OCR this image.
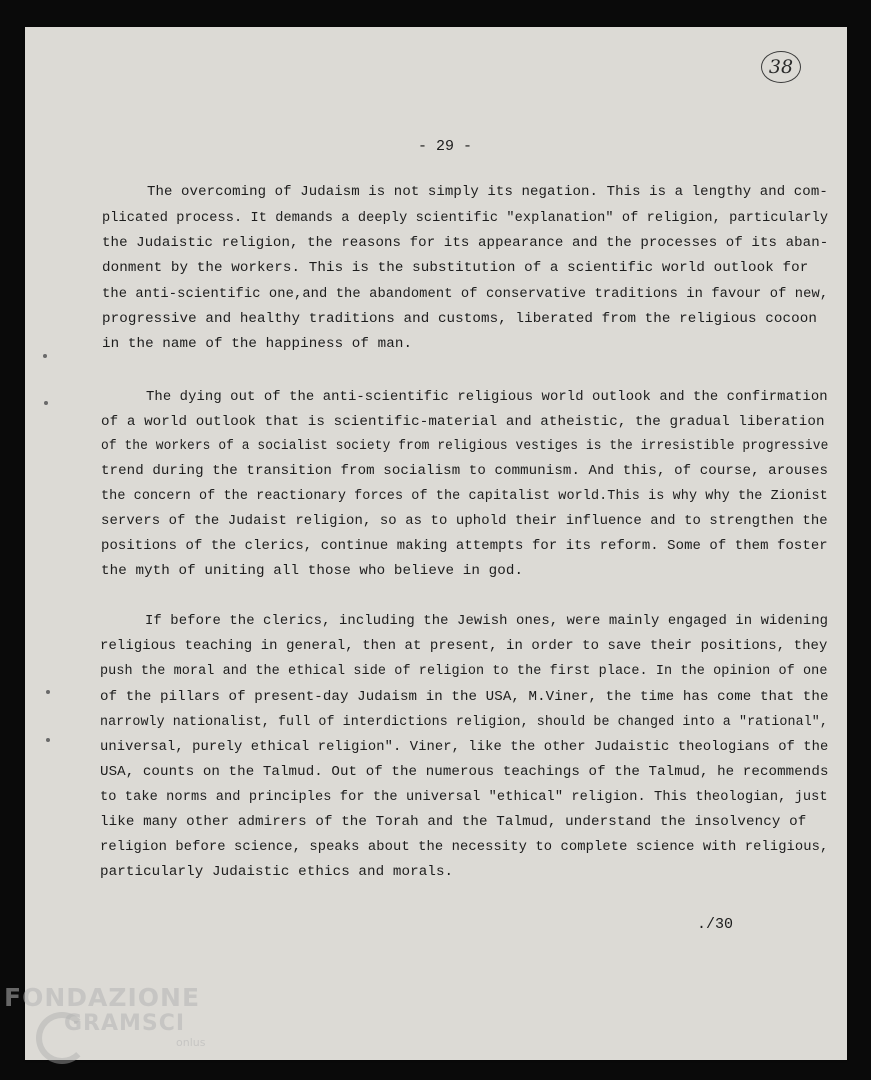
38
- 29 -
The overcoming of Judaism is not simply its negation. This is a lengthy and com-
plicated process. It demands a deeply scientific "explanation" of religion, particularly
the Judaistic religion, the reasons for its appearance and the processes of its aban-
donment by the workers. This is the substitution of a scientific world outlook for
the anti-scientific one,and the abandoment of conservative traditions in favour of new,
progressive and healthy traditions and customs, liberated from the religious cocoon
in the name of the happiness of man.
The dying out of the anti-scientific religious world outlook and the confirmation
of a world outlook that is scientific-material and atheistic, the gradual liberation
of the workers of a socialist society from religious vestiges is the irresistible progressive
trend during the transition from socialism to communism. And this, of course, arouses
the concern of the reactionary forces of the capitalist world.This is why why the Zionist
servers of the Judaist religion, so as to uphold their influence and to strengthen the
positions of the clerics, continue making attempts for its reform. Some of them foster
the myth of uniting all those who believe in god.
If before the clerics, including the Jewish ones, were mainly engaged in widening
religious teaching in general, then at present, in order to save their positions, they
push the moral and the ethical side of religion to the first place. In the opinion of one
of the pillars of present-day Judaism in the USA, M.Viner, the time has come that the
narrowly nationalist, full of interdictions religion, should be changed into a "rational",
universal, purely ethical religion". Viner, like the other Judaistic theologians of the
USA, counts on the Talmud. Out of the numerous teachings of the Talmud, he recommends
to take norms and principles for the universal "ethical" religion. This theologian, just
like many other admirers of the Torah and the Talmud, understand the insolvency of
religion before science, speaks about the necessity to complete science with religious,
particularly Judaistic ethics and morals.
./30
FONDAZIONE
GRAMSCI
onlus
